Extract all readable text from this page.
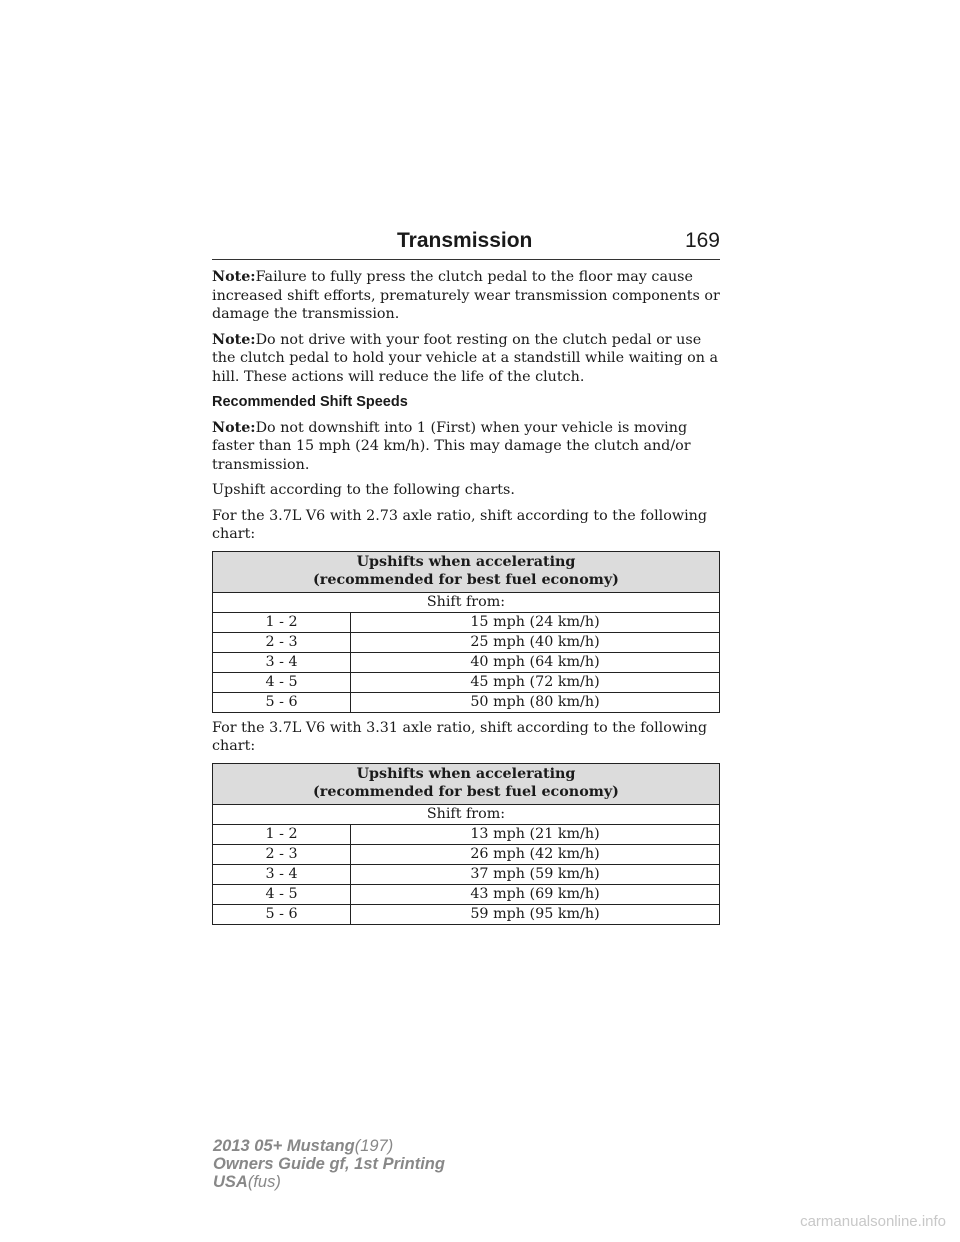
Transmission	169

Note:Failure to fully press the clutch pedal to the floor may cause increased shift efforts, prematurely wear transmission components or damage the transmission.

Note:Do not drive with your foot resting on the clutch pedal or use the clutch pedal to hold your vehicle at a standstill while waiting on a hill. These actions will reduce the life of the clutch.

Recommended Shift Speeds

Note:Do not downshift into 1 (First) when your vehicle is moving faster than 15 mph (24 km/h). This may damage the clutch and/or transmission.

Upshift according to the following charts.

For the 3.7L V6 with 2.73 axle ratio, shift according to the following chart:

Upshifts when accelerating
(recommended for best fuel economy)	
Shift from:	
1 - 2	15 mph (24 km/h)
2 - 3	25 mph (40 km/h)
3 - 4	40 mph (64 km/h)
4 - 5	45 mph (72 km/h)
5 - 6	50 mph (80 km/h)

For the 3.7L V6 with 3.31 axle ratio, shift according to the following chart:

Upshifts when accelerating
(recommended for best fuel economy)	
Shift from:	
1 - 2	13 mph (21 km/h)
2 - 3	26 mph (42 km/h)
3 - 4	37 mph (59 km/h)
4 - 5	43 mph (69 km/h)
5 - 6	59 mph (95 km/h)
2013 05+ Mustang(197)
Owners Guide gf, 1st Printing
USA(fus)
carmanualsonline.info
